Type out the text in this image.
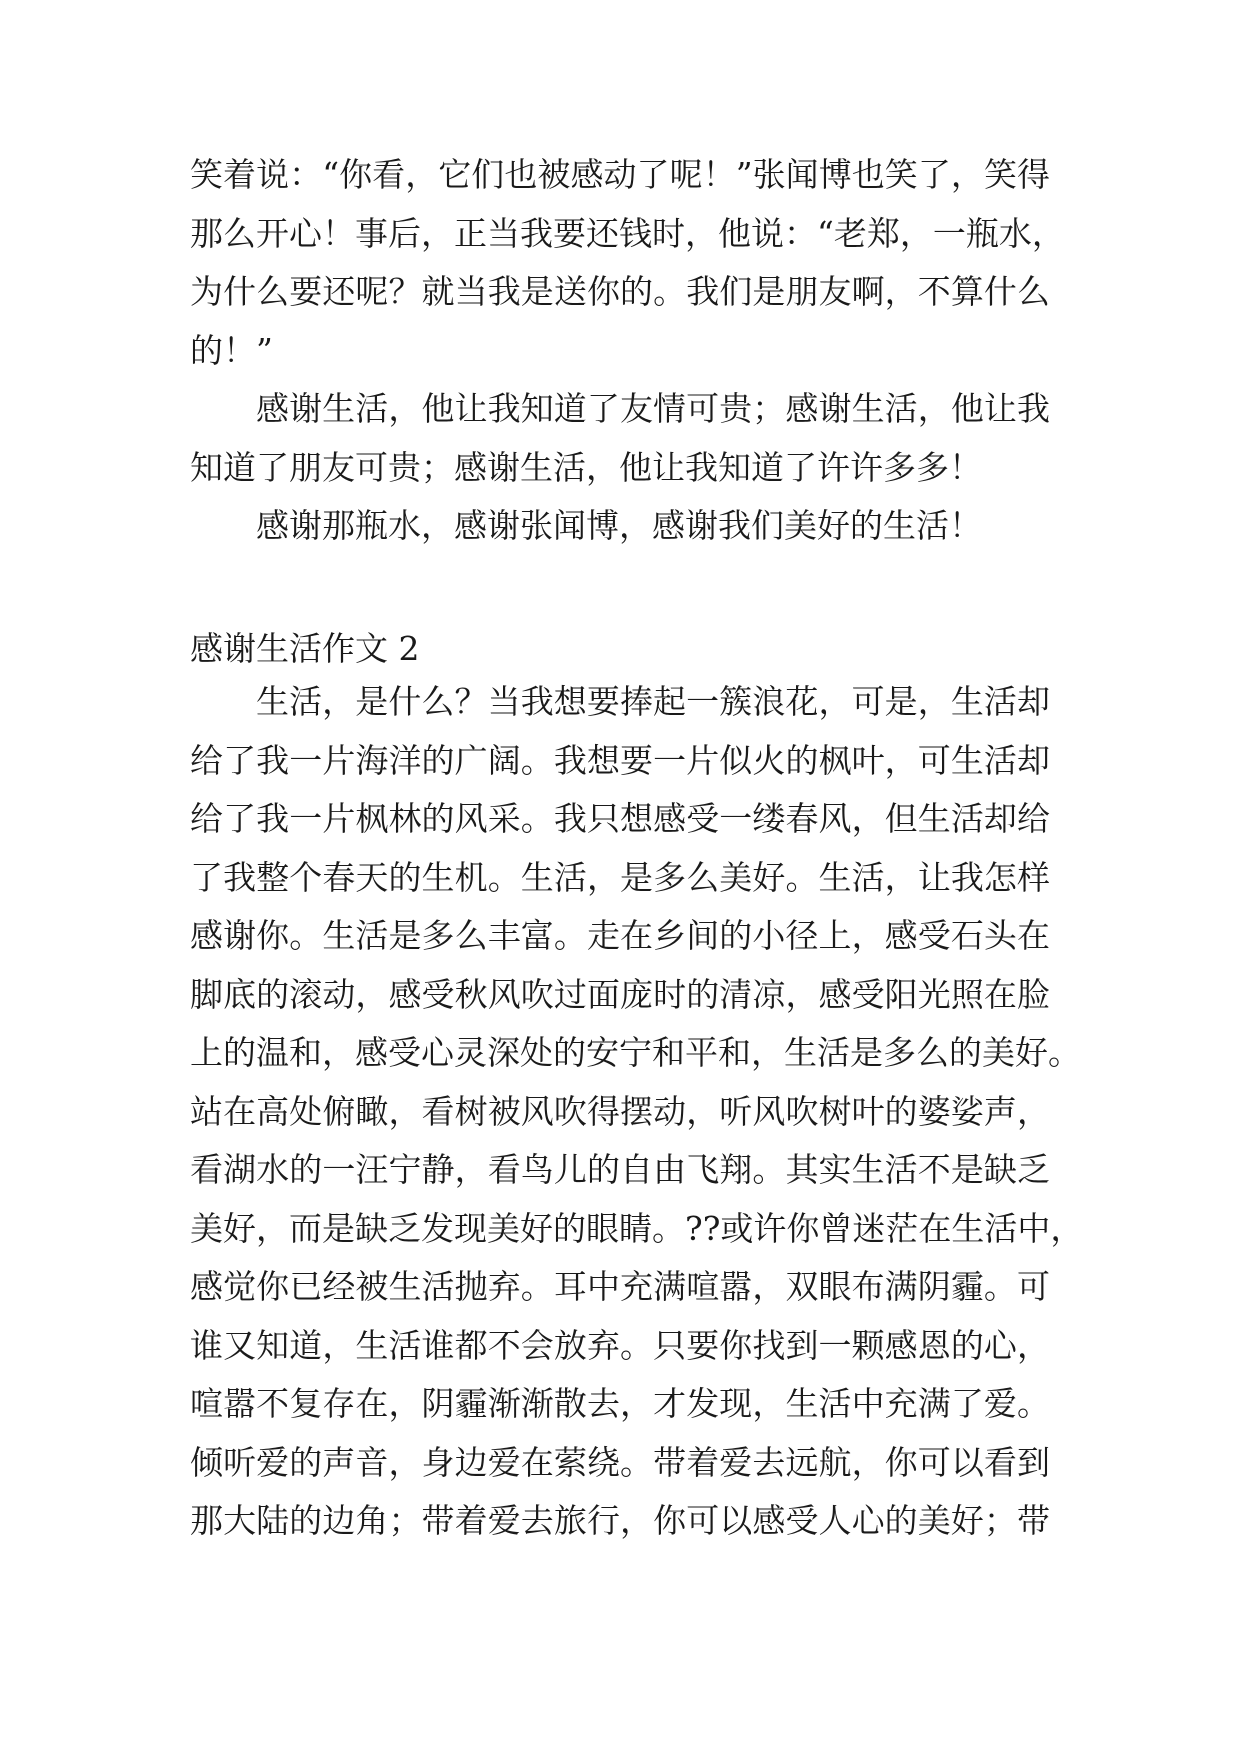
笑着说：“你看，它们也被感动了呢！”张闻博也笑了，笑得
那么开心！事后，正当我要还钱时，他说：“老郑，一瓶水，
为什么要还呢？就当我是送你的。我们是朋友啊，不算什么
的！”
感谢生活，他让我知道了友情可贵；感谢生活，他让我
知道了朋友可贵；感谢生活，他让我知道了许许多多！
感谢那瓶水，感谢张闻博，感谢我们美好的生活！
感谢生活作文 2
生活，是什么？当我想要捧起一簇浪花，可是，生活却
给了我一片海洋的广阔。我想要一片似火的枫叶，可生活却
给了我一片枫林的风采。我只想感受一缕春风，但生活却给
了我整个春天的生机。生活，是多么美好。生活，让我怎样
感谢你。生活是多么丰富。走在乡间的小径上，感受石头在
脚底的滚动，感受秋风吹过面庞时的清凉，感受阳光照在脸
上的温和，感受心灵深处的安宁和平和，生活是多么的美好。
站在高处俯瞰，看树被风吹得摆动，听风吹树叶的婆娑声，
看湖水的一汪宁静，看鸟儿的自由飞翔。其实生活不是缺乏
美好，而是缺乏发现美好的眼睛。??或许你曾迷茫在生活中，
感觉你已经被生活抛弃。耳中充满喧嚣，双眼布满阴霾。可
谁又知道，生活谁都不会放弃。只要你找到一颗感恩的心，
喧嚣不复存在，阴霾渐渐散去，才发现，生活中充满了爱。
倾听爱的声音，身边爱在萦绕。带着爱去远航，你可以看到
那大陆的边角；带着爱去旅行，你可以感受人心的美好；带
